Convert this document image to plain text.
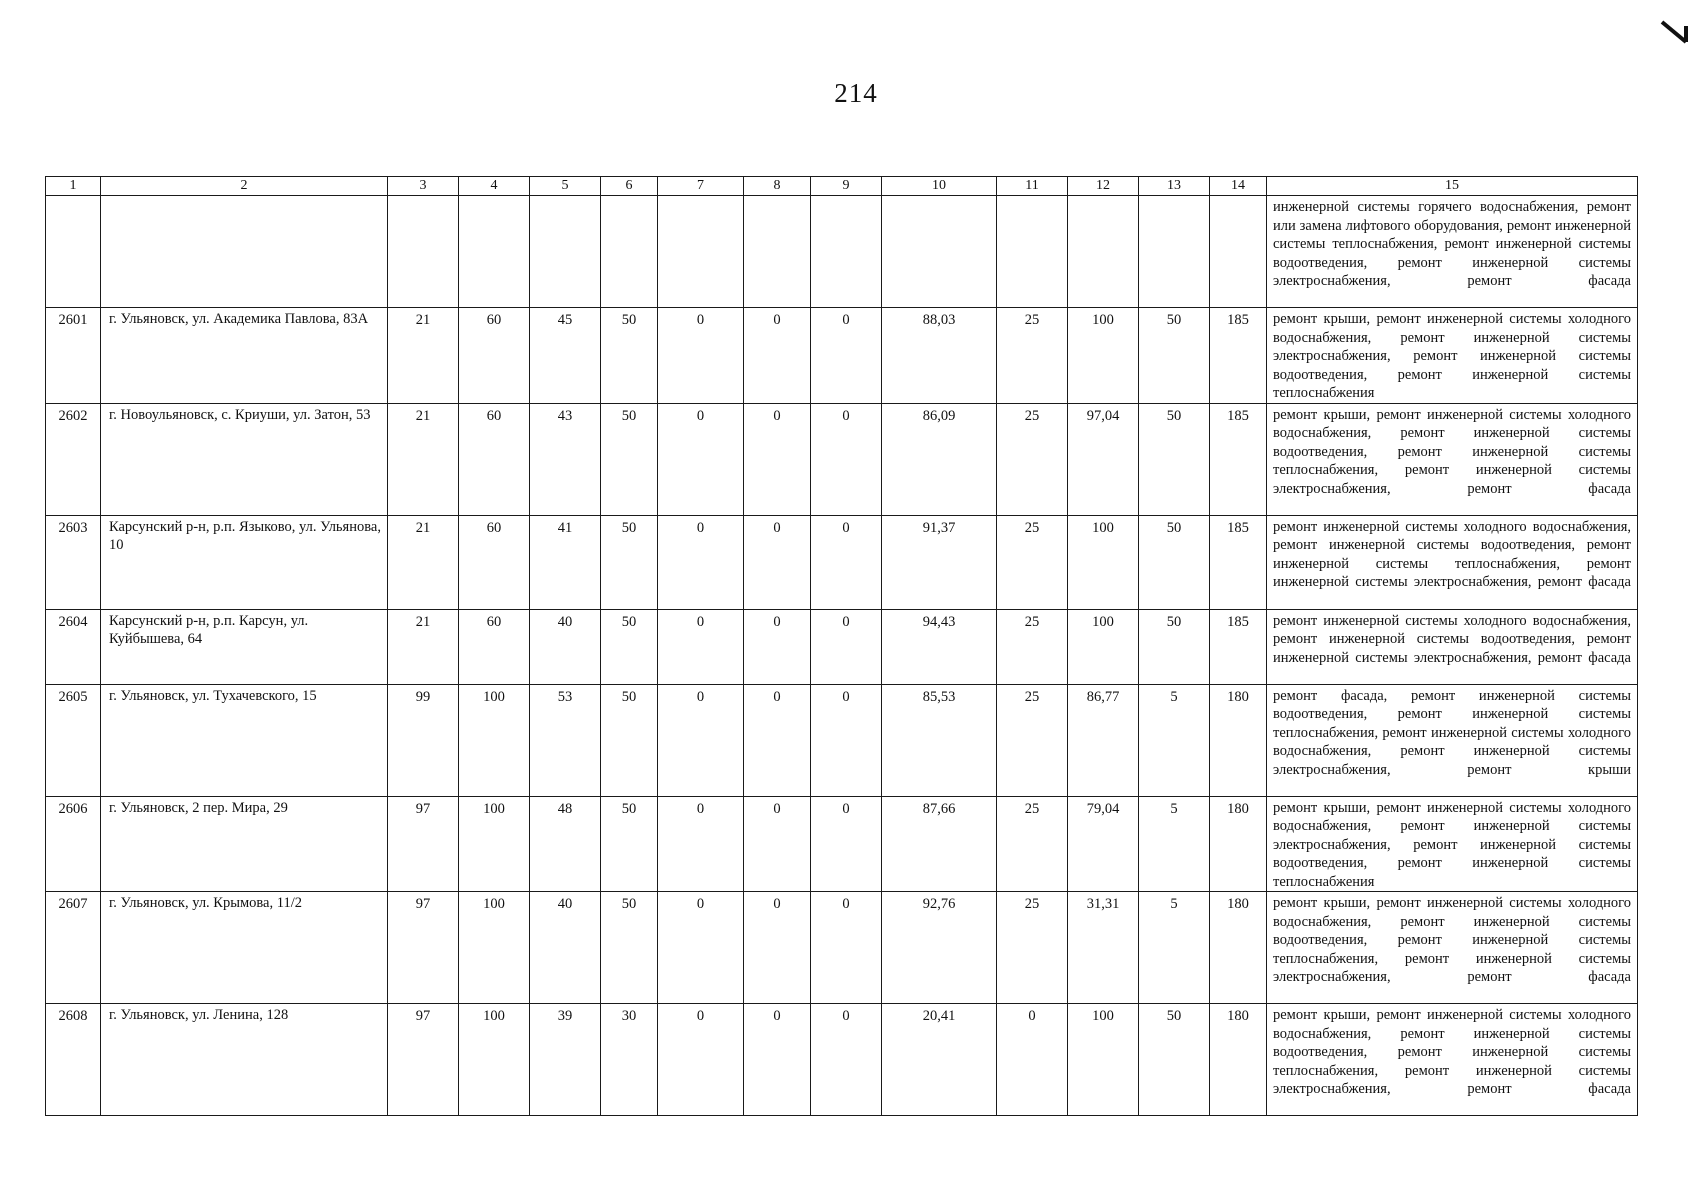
214
1	2	3	4	5	6	7	8	9	10	11	12	13	14	15
														инженерной системы горячего водоснабжения, ремонт или замена лифтового оборудования, ремонт инженерной системы теплоснабжения, ремонт инженерной системы водоотведения, ремонт инженерной системы электроснабжения, ремонт фасада
2601	г. Ульяновск, ул. Академика Павлова, 83А	21	60	45	50	0	0	0	88,03	25	100	50	185	ремонт крыши, ремонт инженерной системы холодного водоснабжения, ремонт инженерной системы электроснабжения, ремонт инженерной системы водоотведения, ремонт инженерной системы теплоснабжения
2602	г. Новоульяновск, с. Криуши, ул. Затон, 53	21	60	43	50	0	0	0	86,09	25	97,04	50	185	ремонт крыши, ремонт инженерной системы холодного водоснабжения, ремонт инженерной системы водоотведения, ремонт инженерной системы теплоснабжения, ремонт инженерной системы электроснабжения, ремонт фасада
2603	Карсунский р-н, р.п. Языково, ул. Ульянова, 10	21	60	41	50	0	0	0	91,37	25	100	50	185	ремонт инженерной системы холодного водоснабжения, ремонт инженерной системы водоотведения, ремонт инженерной системы теплоснабжения, ремонт инженерной системы электроснабжения, ремонт фасада
2604	Карсунский р-н, р.п. Карсун, ул. Куйбышева, 64	21	60	40	50	0	0	0	94,43	25	100	50	185	ремонт инженерной системы холодного водоснабжения, ремонт инженерной системы водоотведения, ремонт инженерной системы электроснабжения, ремонт фасада
2605	г. Ульяновск, ул. Тухачевского, 15	99	100	53	50	0	0	0	85,53	25	86,77	5	180	ремонт фасада, ремонт инженерной системы водоотведения, ремонт инженерной системы теплоснабжения, ремонт инженерной системы холодного водоснабжения, ремонт инженерной системы электроснабжения, ремонт крыши
2606	г. Ульяновск, 2 пер. Мира, 29	97	100	48	50	0	0	0	87,66	25	79,04	5	180	ремонт крыши, ремонт инженерной системы холодного водоснабжения, ремонт инженерной системы электроснабжения, ремонт инженерной системы водоотведения, ремонт инженерной системы теплоснабжения
2607	г. Ульяновск, ул. Крымова, 11/2	97	100	40	50	0	0	0	92,76	25	31,31	5	180	ремонт крыши, ремонт инженерной системы холодного водоснабжения, ремонт инженерной системы водоотведения, ремонт инженерной системы теплоснабжения, ремонт инженерной системы электроснабжения, ремонт фасада
2608	г. Ульяновск, ул. Ленина, 128	97	100	39	30	0	0	0	20,41	0	100	50	180	ремонт крыши, ремонт инженерной системы холодного водоснабжения, ремонт инженерной системы водоотведения, ремонт инженерной системы теплоснабжения, ремонт инженерной системы электроснабжения, ремонт фасада
